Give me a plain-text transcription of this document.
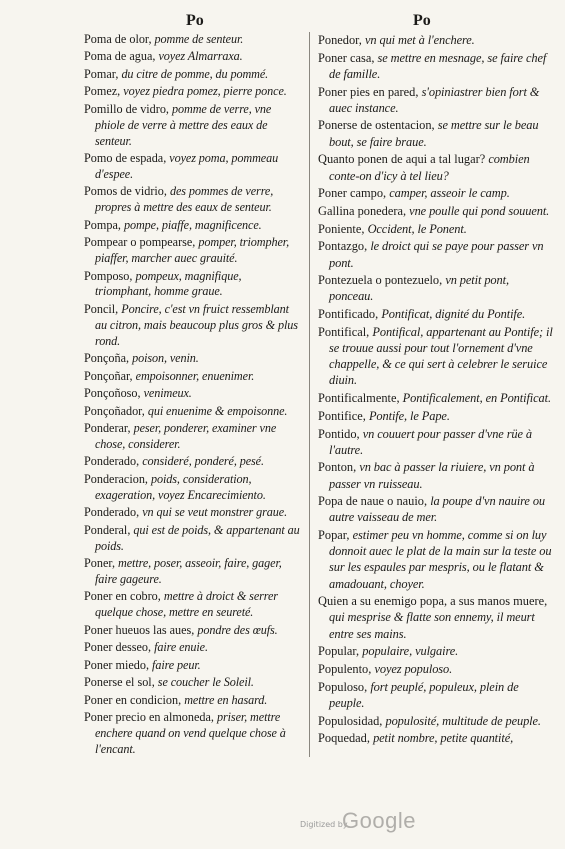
Po	Po
Poma de olor, pomme de senteur.
Poma de agua, voyez Almarraxa.
Pomar, du citre de pomme, du pommé.
Pomez, voyez piedra pomez, pierre ponce.
Pomillo de vidro, pomme de verre, vne phiole de verre à mettre des eaux de senteur.
Pomo de espada, voyez poma, pommeau d'espee.
Pomos de vidrio, des pommes de verre, propres à mettre des eaux de senteur.
Pompa, pompe, piaffe, magnificence.
Pompear o pompearse, pomper, triompher, piaffer, marcher auec grauité.
Pomposo, pompeux, magnifique, triomphant, homme graue.
Poncil, Poncire, c'est vn fruict ressemblant au citron, mais beaucoup plus gros & plus rond.
Ponçoña, poison, venin.
Ponçoñar, empoisonner, enuenimer.
Ponçoñoso, venimeux.
Ponçoñador, qui enuenime & empoisonne.
Ponderar, peser, ponderer, examiner vne chose, considerer.
Ponderado, consideré, ponderé, pesé.
Ponderacion, poids, consideration, exageration, voyez Encarecimiento.
Ponderado, vn qui se veut monstrer graue.
Ponderal, qui est de poids, & appartenant au poids.
Poner, mettre, poser, asseoir, faire, gager, faire gageure.
Poner en cobro, mettre à droict & serrer quelque chose, mettre en seureté.
Poner hueuos las aues, pondre des œufs.
Poner desseo, faire enuie.
Poner miedo, faire peur.
Ponerse el sol, se coucher le Soleil.
Poner en condicion, mettre en hasard.
Poner precio en almoneda, priser, mettre enchere quand on vend quelque chose à l'encant.
Ponedor, vn qui met à l'enchere.
Poner casa, se mettre en mesnage, se faire chef de famille.
Poner pies en pared, s'opiniastrer bien fort & auec instance.
Ponerse de ostentacion, se mettre sur le beau bout, se faire braue.
Quanto ponen de aqui a tal lugar? combien conte-on d'icy à tel lieu?
Poner campo, camper, asseoir le camp.
Gallina ponedera, vne poulle qui pond souuent.
Poniente, Occident, le Ponent.
Pontazgo, le droict qui se paye pour passer vn pont.
Pontezuela o pontezuelo, vn petit pont, ponceau.
Pontificado, Pontificat, dignité du Pontife.
Pontifical, Pontifical, appartenant au Pontife; il se trouue aussi pour tout l'ornement d'vne chappelle, & ce qui sert à celebrer le seruice diuin.
Pontificalmente, Pontificalement, en Pontificat.
Pontifice, Pontife, le Pape.
Pontido, vn couuert pour passer d'vne rüe à l'autre.
Ponton, vn bac à passer la riuiere, vn pont à passer vn ruisseau.
Popa de naue o nauio, la poupe d'vn nauire ou autre vaisseau de mer.
Popar, estimer peu vn homme, comme si on luy donnoit auec le plat de la main sur la teste ou sur les espaules par mespris, ou le flatant & amadouant, choyer.
Quien a su enemigo popa, a sus manos muere, qui mesprise & flatte son ennemy, il meurt entre ses mains.
Popular, populaire, vulgaire.
Populento, voyez populoso.
Populoso, fort peuplé, populeux, plein de peuple.
Populosidad, populosité, multitude de peuple.
Poquedad, petit nombre, petite quantité,
Digitized by
Google
